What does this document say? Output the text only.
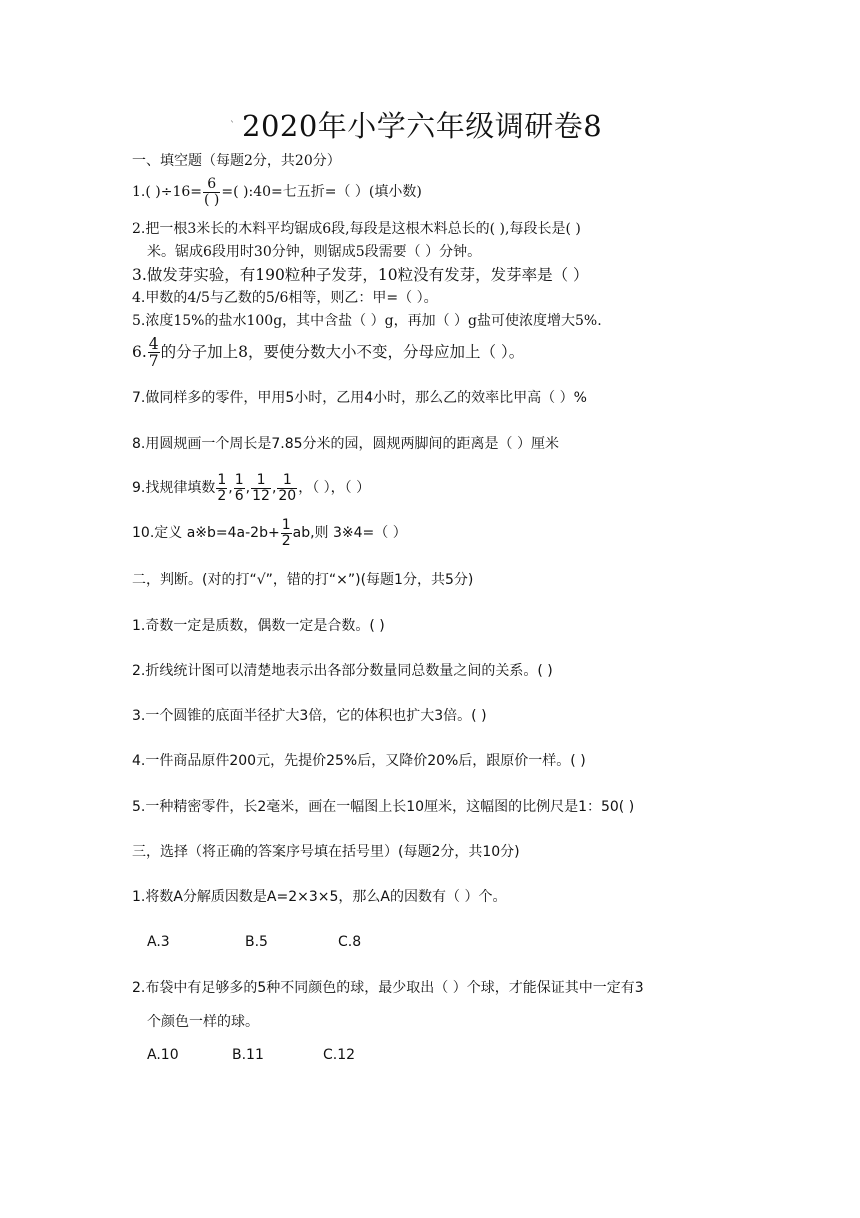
` 2020年小学六年级调研卷8
一、填空题（每题2分，共20分）
1.( )$\div 16= \frac{6}{( )}$ =( ):40=七五折=（ ）(填小数)
2.把一根3米长的木料平均锯成6段,每段是这根木料总长的( ),每段长是( )
米。锯成6段用时30分钟，则锯成5段需要（ ）分钟。
3.做发芽实验，有190粒种子发芽，10粒没有发芽，发芽率是（ ）
4.甲数的4/5与乙数的5/6相等，则乙：甲=（ ）。
5.浓度15%的盐水100g，其中含盐（ ）g，再加（ ）g盐可使浓度增大5%.
6. $\frac{4}{7}$ 的分子加上8，要使分数大小不变，分母应加上（ ）。
7.做同样多的零件，甲用5小时，乙用4小时，那么乙的效率比甲高（ ）%
8.用圆规画一个周长是7.85分米的园，圆规两脚间的距离是（ ）厘米
9.找规律填数 $\frac{1}{2}$ , $\frac{1}{6}$ , $\frac{1}{12}$ , $\frac{1}{20}$ ，（ ），（ ）
10.定义 a※b=4a-2b+ $\frac{1}{2}$ ab,则 3※4=（ ）
二，判断。(对的打“√”，错的打“×”)(每题1分，共5分)
1.奇数一定是质数，偶数一定是合数。( )
2.折线统计图可以清楚地表示出各部分数量同总数量之间的关系。( )
3.一个圆锥的底面半径扩大3倍，它的体积也扩大3倍。( )
4.一件商品原件200元，先提价25%后，又降价20%后，跟原价一样。( )
5.一种精密零件，长2毫米，画在一幅图上长10厘米，这幅图的比例尺是1：50( )
三，选择（将正确的答案序号填在括号里）(每题2分，共10分)
1.将数A分解质因数是A=2×3×5，那么A的因数有（ ）个。
A.3	B.5	C.8
2.布袋中有足够多的5种不同颜色的球，最少取出（ ）个球，才能保证其中一定有3
个颜色一样的球。
A.10	B.11	C.12
